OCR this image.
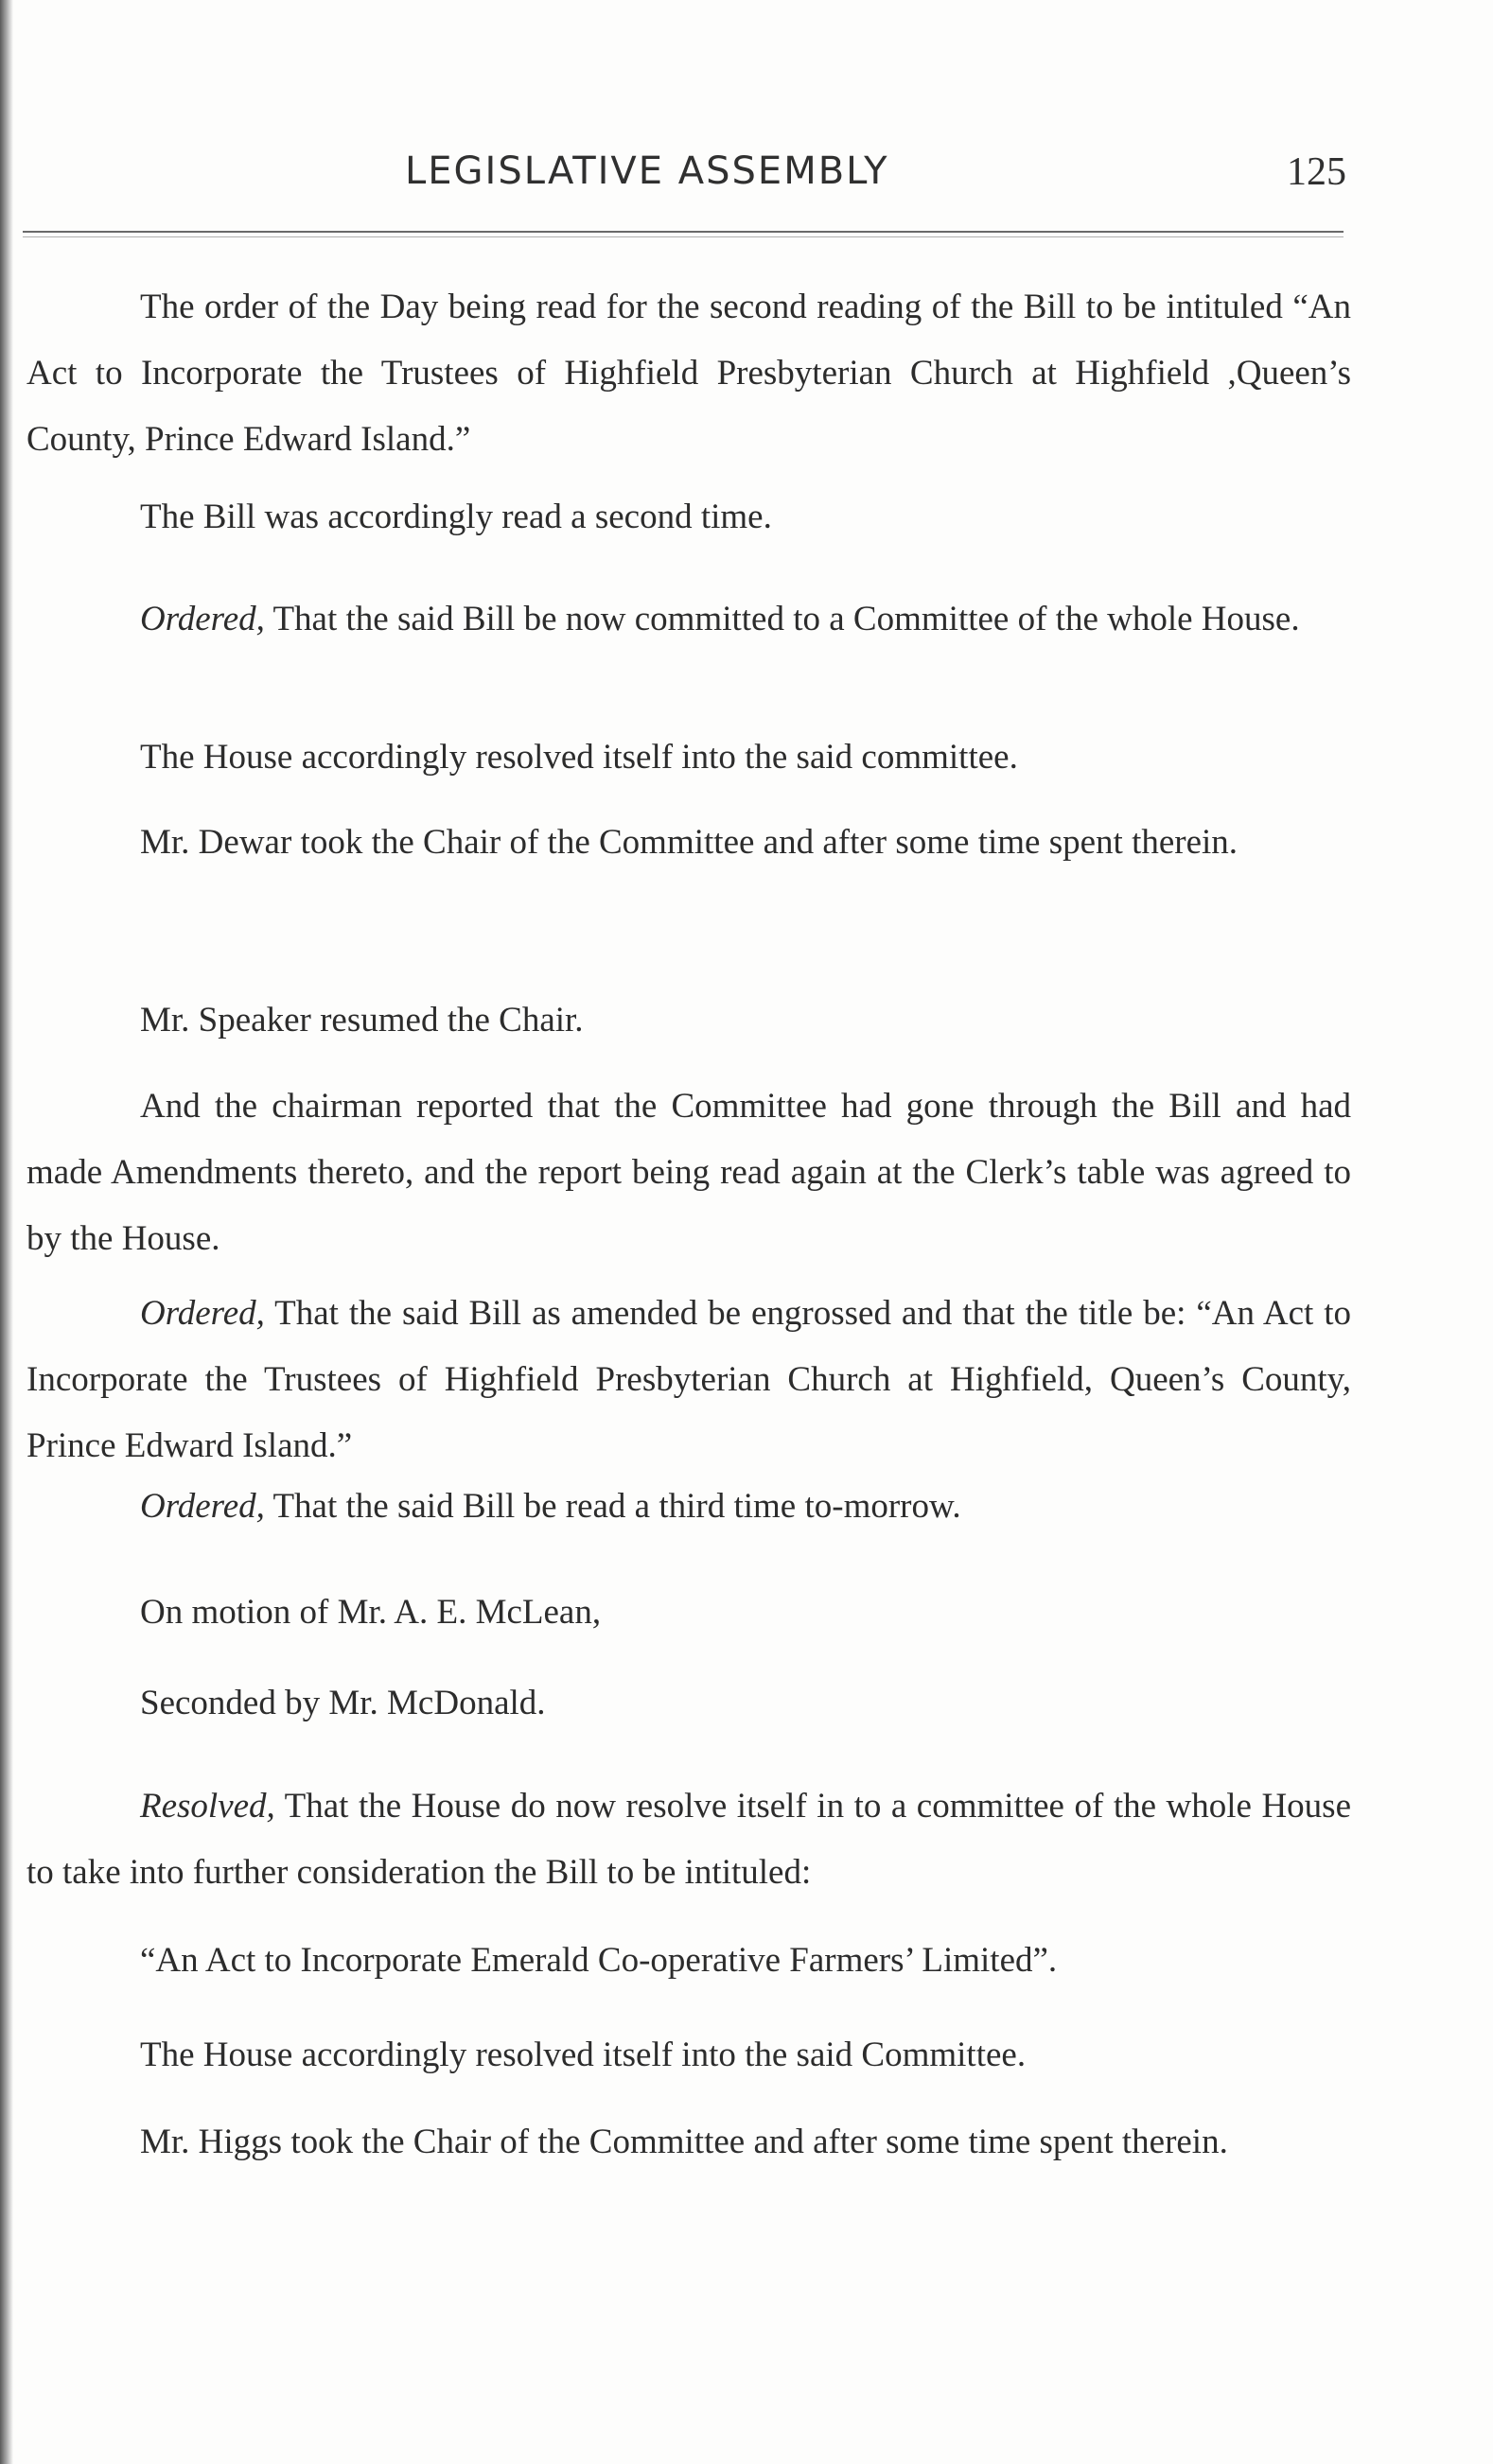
LEGISLATIVE ASSEMBLY	125

The order of the Day being read for the second reading of the Bill to be intituled “An Act to Incorporate the Trustees of Highfield Presbyterian Church at Highfield ,Queen’s County, Prince Edward Island.”

The Bill was accordingly read a second time.

Ordered, That the said Bill be now committed to a Committee of the whole House.

The House accordingly resolved itself into the said committee.

Mr. Dewar took the Chair of the Committee and after some time spent therein.

Mr. Speaker resumed the Chair.

And the chairman reported that the Committee had gone through the Bill and had made Amendments thereto, and the report being read again at the Clerk’s table was agreed to by the House.

Ordered, That the said Bill as amended be engrossed and that the title be: “An Act to Incorporate the Trustees of Highfield Presbyterian Church at Highfield, Queen’s County, Prince Edward Island.”

Ordered, That the said Bill be read a third time to-morrow.

On motion of Mr. A. E. McLean,

Seconded by Mr. McDonald.

Resolved, That the House do now resolve itself in to a committee of the whole House to take into further consideration the Bill to be intituled:

“An Act to Incorporate Emerald Co-operative Farmers’ Limited”.

The House accordingly resolved itself into the said Committee.

Mr. Higgs took the Chair of the Committee and after some time spent therein.
